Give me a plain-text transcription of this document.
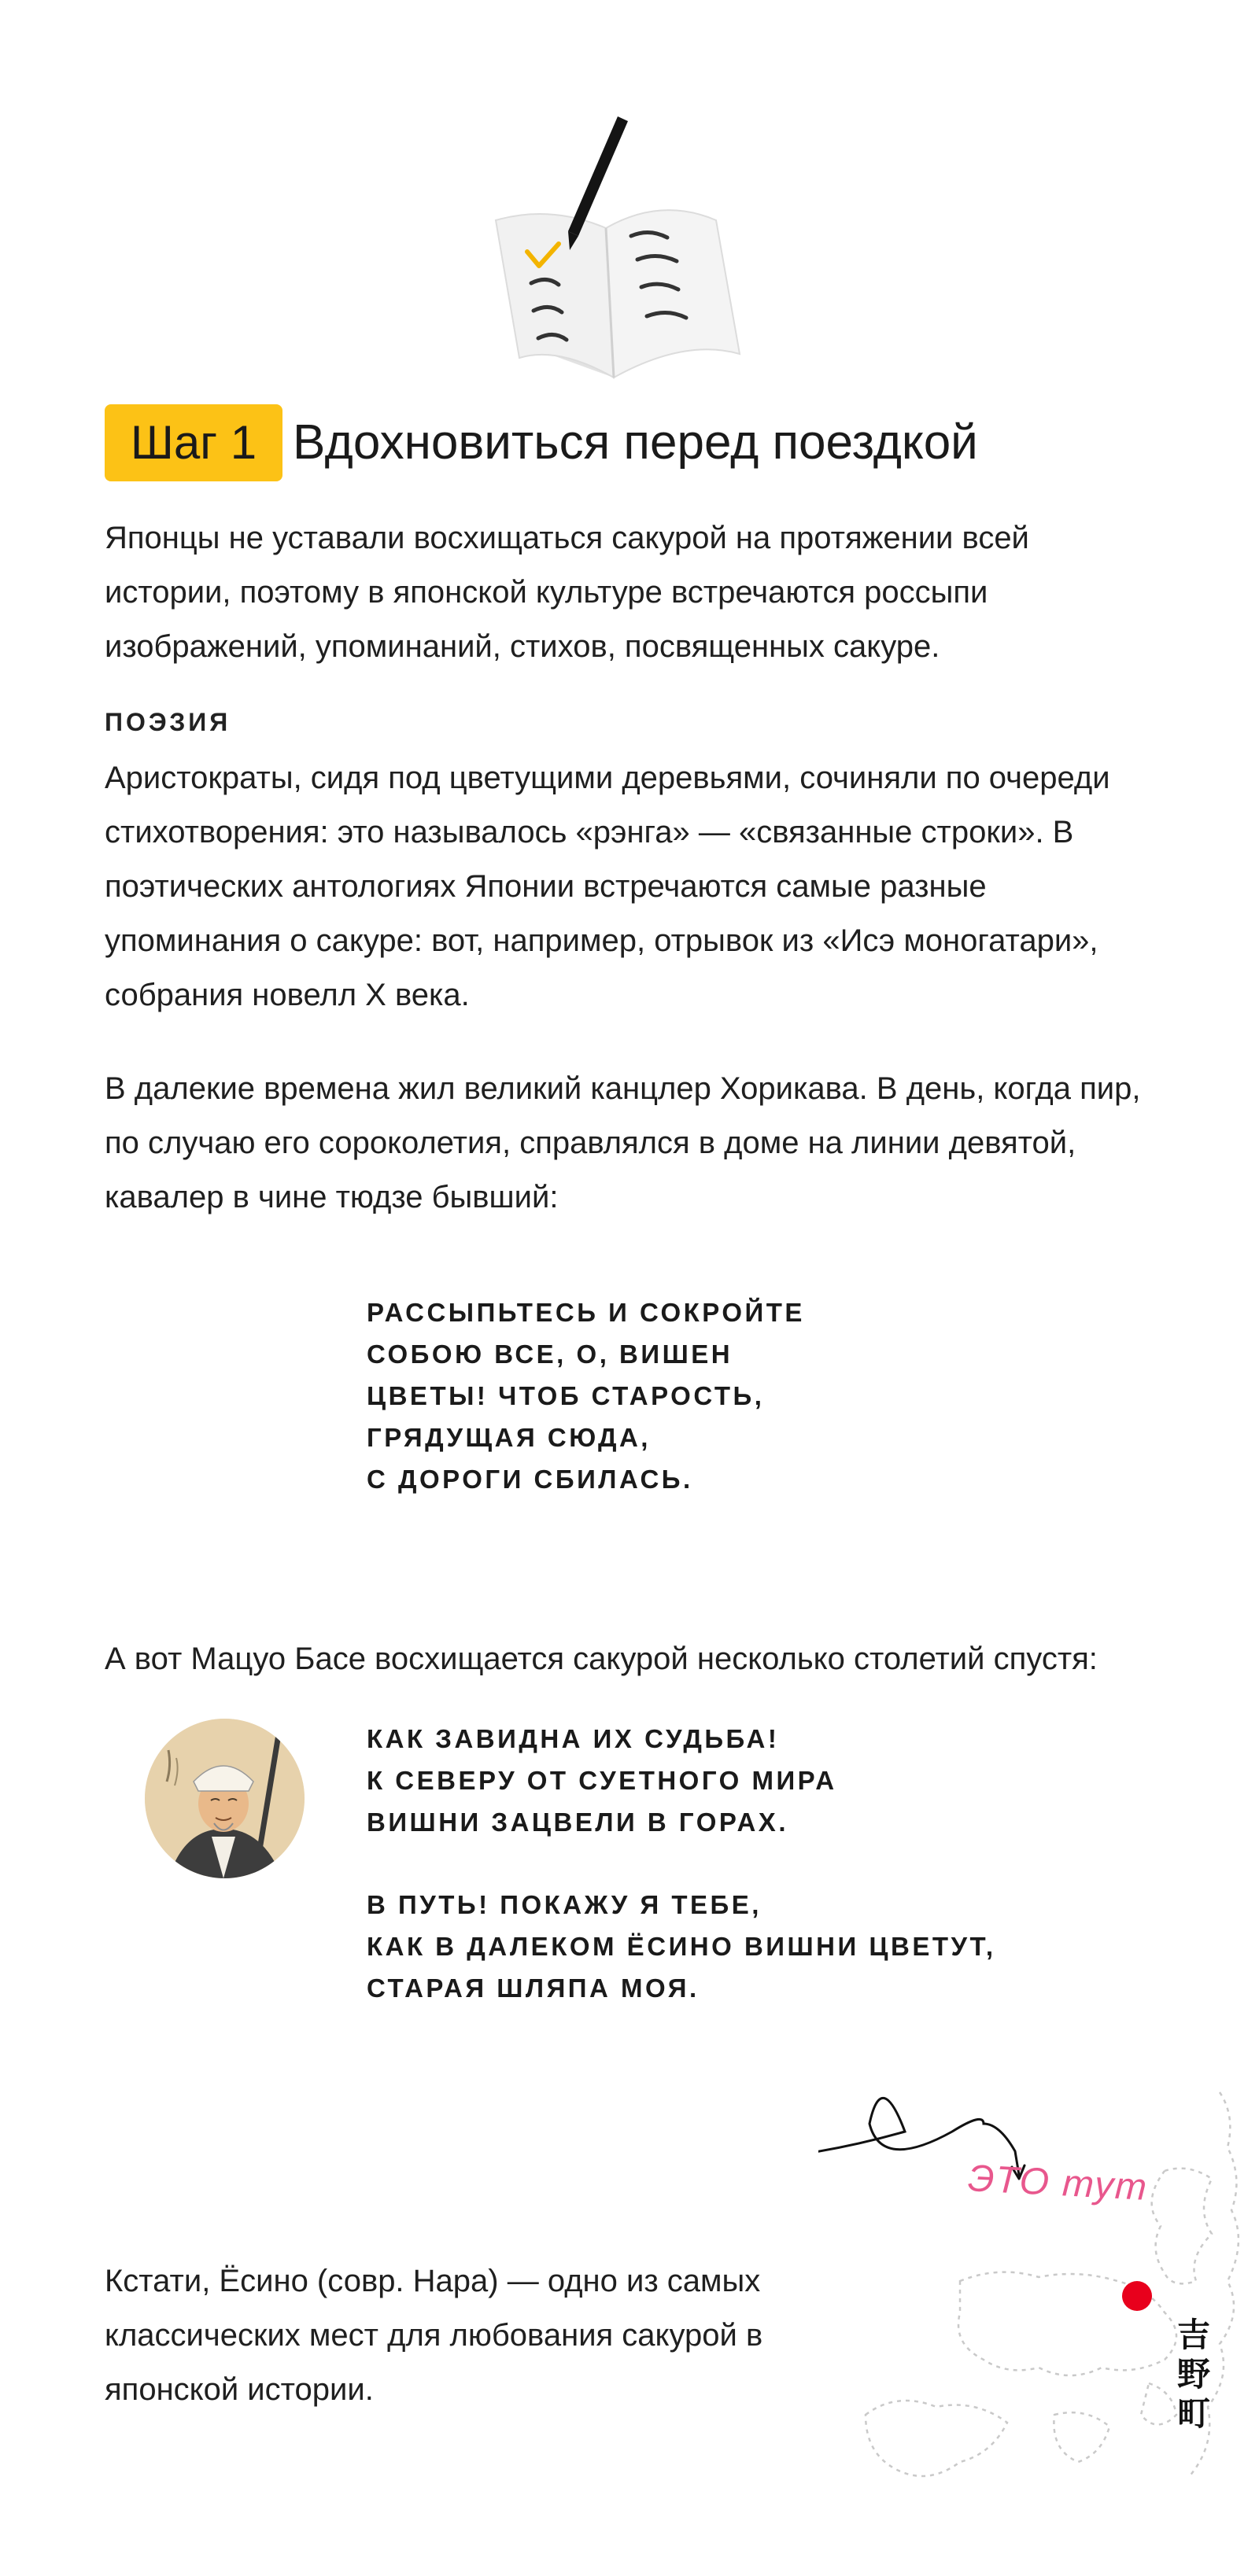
Шаг 1 Вдохновиться перед поездкой

Японцы не уставали восхищаться сакурой на протяжении всей истории, поэтому в японской культуре встречаются россыпи изображений, упоминаний, стихов, посвященных сакуре.

ПОЭЗИЯ

Аристократы, сидя под цветущими деревьями, сочиняли по очереди стихотворения: это называлось «рэнга» — «связанные строки». В поэтических антологиях Японии встречаются самые разные упоминания о сакуре: вот, например, отрывок из «Исэ моногатари», собрания новелл X века.

В далекие времена жил великий канцлер Хорикава. В день, когда пир, по случаю его сороколетия, справлялся в доме на линии девятой, кавалер в чине тюдзе бывший:

РАССЫПЬТЕСЬ И СОКРОЙТЕ
СОБОЮ ВСЕ, О, ВИШЕН
ЦВЕТЫ! ЧТОБ СТАРОСТЬ,
ГРЯДУЩАЯ СЮДА,
С ДОРОГИ СБИЛАСЬ.

А вот Мацуо Басе восхищается сакурой несколько столетий спустя:

КАК ЗАВИДНА ИХ СУДЬБА!
К СЕВЕРУ ОТ СУЕТНОГО МИРА
ВИШНИ ЗАЦВЕЛИ В ГОРАХ.
В ПУТЬ! ПОКАЖУ Я ТЕБЕ,
КАК В ДАЛЕКОМ ЁСИНО ВИШНИ ЦВЕТУТ,
СТАРАЯ ШЛЯПА МОЯ.

Кстати, Ёсино (совр. Нара) — одно из самых классических мест для любования сакурой в японской истории.

ЭТО тут
吉
野
町
